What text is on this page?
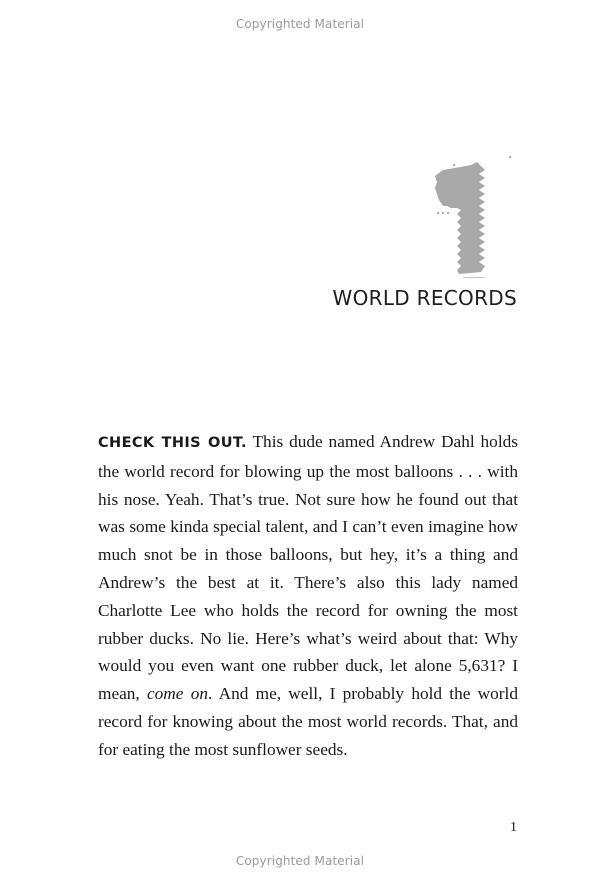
Copyrighted Material
1
WORLD RECORDS
CHECK THIS OUT. This dude named Andrew Dahl holds the world record for blowing up the most balloons . . . with his nose. Yeah. That’s true. Not sure how he found out that was some kinda special talent, and I can’t even imagine how much snot be in those balloons, but hey, it’s a thing and Andrew’s the best at it. There’s also this lady named Charlotte Lee who holds the record for owning the most rubber ducks. No lie. Here’s what’s weird about that: Why would you even want one rubber duck, let alone 5,631? I mean, come on. And me, well, I probably hold the world record for knowing about the most world records. That, and for eating the most sunflower seeds.
1
Copyrighted Material
